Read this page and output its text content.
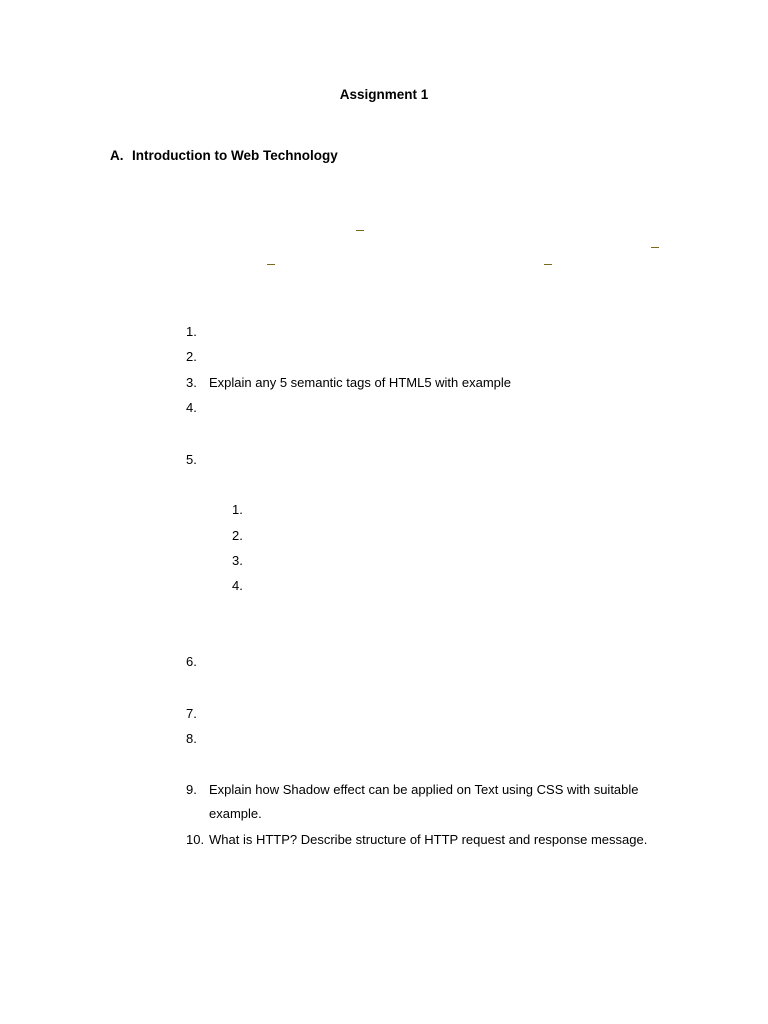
Assignment 1
A. Introduction to Web Technology
1.
2.
3. Explain any 5 semantic tags of HTML5 with example
4.
5.
1.
2.
3.
4.
6.
7.
8.
9. Explain how Shadow effect can be applied on Text using CSS with suitable
example.
10. What is HTTP? Describe structure of HTTP request and response message.
